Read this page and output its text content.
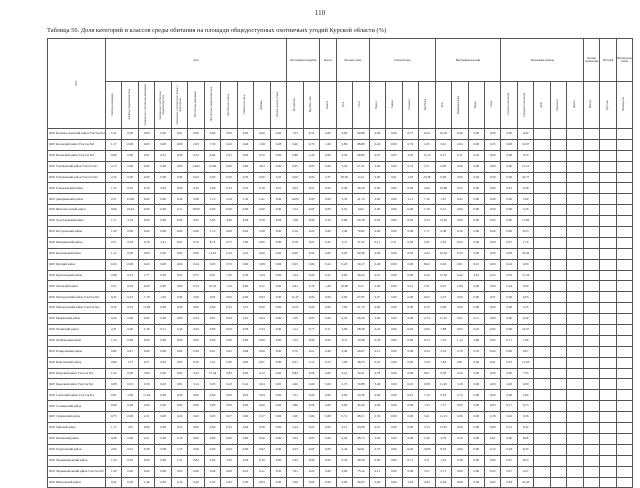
110
Таблица 56. Доля категорий и классов среды обитания на площади общедоступных охотничьих угодий Курской области (%)
ООУ	Леса											Кустарники и вырубки		Болота	Луговые степи		Сельхозугодья				Внутренние водоемы				Населенные пункты					Прочие территории	Пустыри	Непокрытые земли
	Хвойные молодняки	Хвойные средневозрастные	Смешанные и лиственные молодняки	Смешанные и лиственные средневозрастные	Смешанные и лиственные спелые и перестойные	Лиственные молодняки	Лиственные средневозрастные	Лиственные спелые	Пойменные леса	Дубравы	Прочие лесные угодья	Кустарники	Вырубки, гари	Болота	Луга	Степи	Пашни	Залежи	Сенокосы	Пастбища	Реки	Водохранилища	Пруды	Озера	Сельские поселения	Городские поселения	Дачи	Промзоны	Дороги	Прочие	Пустыри	Непокрытые
ООУ Большесолдатский район Участок №1	1,41	0,00	0,00	0,00	0,01	0,00	4,60	0,00	0,00	0,00	0,00	1,33	4,52	0,00	0,00	69,88	0,00	0,00	0,77	0,24	10,29	0,49	0,00	0,00	0,00	9,42						
ООУ Беловский район Участок №2	1,17	0,00	0,00	0,00	0,00	2,03	7,30	0,42	0,64	1,30	0,28	0,40	0,70	1,60	2,86	88,89	0,24	0,00	0,74	1,65	0,61	2,04	0,00	0,25	0,00	10,67						
ООУ Беловский район Участок №3	0,06	0,00	0,01	0,01	0,00	0,32	6,64	0,31	0,00	0,55	0,00	0,89	1,20	0,00	0,50	69,86	0,07	0,03	2,05	13,13	0,17	0,11	0,42	0,00	0,00	9,70						
ООУ Глушковский район Участок №1	2,73	0,00	0,00	0,00	0,00	14,02	15,00	0,00	0,00	4,03	0,00	0,65	0,00	0,00	3,20	67,31	0,00	0,00	0,74	3,71	0,00	0,26	0,00	0,00	0,00	11,51						
ООУ Глушковский район Участок №2	2,34	0,00	0,00	0,00	0,00	0,02	0,00	0,00	0,79	0,00	3,25	0,00	0,00	2,37	95,65	0,24	0,00	0,01	1,93	23,38	0,00	0,00	0,04	0,00	0,00	22,77						
ООУ Горшеченский район	1,35	0,02	0,10	0,03	0,00	0,42	2,09	0,13	0,25	0,18	0,01	4,03	0,01	0,00	0,46	46,30	0,00	0,00	0,09	2,64	10,98	0,27	0,00	0,04	0,01	0,58						
ООУ Дмитриевский район	2,51	12,68	0,00	0,00	0,54	0,08	1,13	2,56	1,50	0,41	0,00	10,06	0,00	0,00	3,30	41,13	0,00	0,00	1,11	7,16	1,67	0,43	0,00	0,00	0,00	5,60						
ООУ Железногорский район	0,06	10,44	0,00	0,00	4,71	28,00	0,00	0,00	0,00	0,00	0,00	7,14	0,00	0,00	0,01	6,62	0,00	0,00	0,00	7,19	0,21	0,00	0,00	0,00	0,00	5,26						
ООУ Золотухинский район	1,71	3,14	0,00	0,00	0,04	0,67	3,05	4,09	0,04	0,78	0,04	1,38	0,00	0,10	0,89	60,78	0,04	0,00	0,02	2,23	13,20	0,00	0,00	0,03	0,00	11,96						
ООУ Касторенский район	1,20	0,00	0,00	0,00	0,00	0,00	1,15	0,00	0,00	2,28	0,00	0,16	0,00	0,00	1,40	70,82	0,00	0,00	0,00	1,77	6,38	0,10	0,00	0,00	0,00	8,23						
ООУ Конышевский район	0,57	0,02	0,78	3,41	0,01	0,70	8,74	0,75	1,60	0,00	0,00	6,78	0,01	0,45	4,11	47,25	0,11	0,11	0,03	1,87	2,10	0,23	0,00	0,00	0,07	1,74						
ООУ Кореневский район	1,15	0,00	0,00	0,00	0,00	0,00	11,22	0,10	0,10	0,00	0,00	0,00	0,06	0,00	0,02	69,38	0,00	0,00	0,18	4,24	10,36	0,35	0,00	0,00	0,09	19,26						
ООУ Курский район	0,24	0,00	0,24	0,00	0,04	0,24	0,05	0,70	0,00	0,09	0,00	0,03	0,00	0,22	0,20	59,17	0,40	0,00	0,00	8,62	0,02	0,01	0,01	0,00	0,24	0,00						
ООУ Курчатовский район	2,08	0,23	1,77	0,20	0,01	0,77	0,91	7,45	0,43	1,04	0,00	1,44	0,00	0,21	0,60	46,54	0,01	0,00	0,00	0,34	12,59	0,42	3,91	0,43	0,02	11,34						
ООУ Льговский район	2,51	0,02	0,00	0,00	0,00	0,13	10,32	1,32	0,00	0,11	0,00	4,61	2,70	1,20	45,86	0,21	0,00	0,00	0,21	5,31	0,47	1,96	0,00	0,00	0,24	0,00						
ООУ Мантуровский район Участок №1	0,45	0,22	7,18	1,05	0,00	0,00	0,05	0,02	0,00	0,03	0,00	11,25	0,00	0,00	0,00	67,85	0,07	0,00	0,00	0,02	2,27	0,09	0,00	0,07	0,00	6,03						
ООУ Мантуровский район Участок №2	0,26	0,55	13,84	0,00	0,00	0,00	0,00	0,32	3,15	0,00	0,00	13,27	0,00	0,00	7,00	61,73	0,00	0,00	0,09	0,15	0,00	0,00	0,00	0,00	0,00	5,25						
ООУ Медвенский район	0,24	0,00	0,00	0,00	0,00	0,34	0,87	0,04	0,01	0,04	0,00	1,29	0,00	0,00	0,56	66,26	0,00	0,00	0,00	2,74	11,10	0,07	0,11	0,00	0,00	9,40						
ООУ Обоянский район	2,31	0,00	1,30	0,71	3,43	0,04	0,89	0,03	0,05	0,34	0,00	1,12	0,77	0,11	3,06	68,58	0,23	0,00	0,02	3,00	7,88	0,05	0,25	0,02	0,00	10,67						
ООУ Октябрьский район	1,50	0,00	0,00	0,00	0,00	0,00	0,00	0,00	0,00	0,00	0,00	7,32	0,00	0,00	0,11	70,48	0,79	0,00	0,00	0,74	7,47	1,12	2,66	0,05	0,71	1,06						
ООУ Поныровский район	0,82	0,47	0,09	0,00	0,04	0,29	0,01	0,02	0,09	0,06	0,00	0,70	0,01	0,40	0,40	66,87	0,15	0,00	0,00	0,34	2,52	2,79	0,35	0,04	0,00	6,07						
ООУ Пристенский район	0,96	1,37	0,57	0,02	0,05	0,20	1,61	0,30	0,02	0,01	0,00	6,61	1,12	0,53	1,00	48,53	0,10	0,00	0,00	3,58	7,83	0,81	0,02	0,01	0,01	11,03						
ООУ Рыльский район Участок №1	1,52	0,00	3,96	0,00	0,00	3,23	15,34	0,83	0,00	0,12	0,00	0,84	0,00	0,00	0,14	54,51	0,78	0,00	0,00	8,07	0,59	2,26	0,00	0,00	0,00	7,55						
ООУ Рыльский район Участок №2	0,08	0,01	0,30	0,03	0,81	3,14	0,05	0,23	0,41	0,04	0,05	2,66	0,00	0,00	1,37	59,88	3,40	0,00	0,01	0,58	11,29	3,18	0,00	0,00	0,00	0,00						
ООУ Советский район Участок №1	0,91	2,69	11,94	0,00	0,00	0,00	0,00	0,00	0,03	0,04	0,00	1,31	0,00	0,00	0,00	24,38	0,04	0,00	0,67	7,10	0,63	2,13	0,00	0,00	0,00	2,94						
ООУ Солнцевский район	0,00	0,60	2,09	0,00	0,00	0,00	0,00	0,00	0,00	0,00	0,00	2,86	0,00	0,00	0,00	36,40	0,00	0,00	0,00	7,23	7,71	0,00	0,00	0,03	0,17	6,73						
ООУ Суджанский район	0,75	0,00	4,31	0,00	0,22	0,00	0,05	0,07	0,00	0,17	0,00	2,90	0,00	0,08	0,31	68,51	0,39	0,00	0,00	3,41	11,13	0,36	0,00	0,18	0,26	9,56						
ООУ Тимский район	1,17	1,07	0,00	0,00	0,21	0,00	0,00	0,32	0,04	0,28	0,00	2,24	0,05	0,02	0,12	63,08	0,01	0,00	0,00	3,12	13,95	0,04	0,00	0,09	0,12	9,32						
ООУ Фатежский район	0,08	0,00	4,21	0,00	0,10	0,00	0,00	0,00	0,00	0,26	0,00	3,04	0,00	0,00	0,04	68,73	0,04	0,00	0,00	5,30	4,79	0,16	0,00	0,01	0,00	8,68						
ООУ Хомутовский район	2,90	0,01	0,58	0,09	1,55	0,00	0,00	0,02	0,00	0,02	0,00	4,55	0,00	0,00	2,44	60,61	0,73	0,00	0,26	10,09	8,33	0,00	0,00	0,13	0,03	8,34						
ООУ Черемисиновский район	1,54	0,02	0,00	0,00	1,21	0,83	2,04	3,23	0,24	0,19	0,00	2,42	0,00	0,00	0,34	49,20	0,00	0,00	0,71	3,71	1,22	0,38	0,00	0,04	0,07	8,53						
ООУ Черемисиновский район Участок №2	1,20	0,26	0,00	0,00	0,05	0,00	0,00	0,00	0,01	0,11	0,05	7,91	0,00	0,00	0,00	75,54	0,13	0,00	0,00	3,57	3,71	0,09	0,00	0,05	0,07	4,27						
ООУ Щигровский район	0,32	0,30	1,48	0,00	0,19	0,40	0,23	0,45	0,30	0,03	0,00	2,96	0,00	0,00	0,64	60,25	0,00	0,00	1,62	2,94	0,44	0,08	0,00	0,05	0,04	10,44						
